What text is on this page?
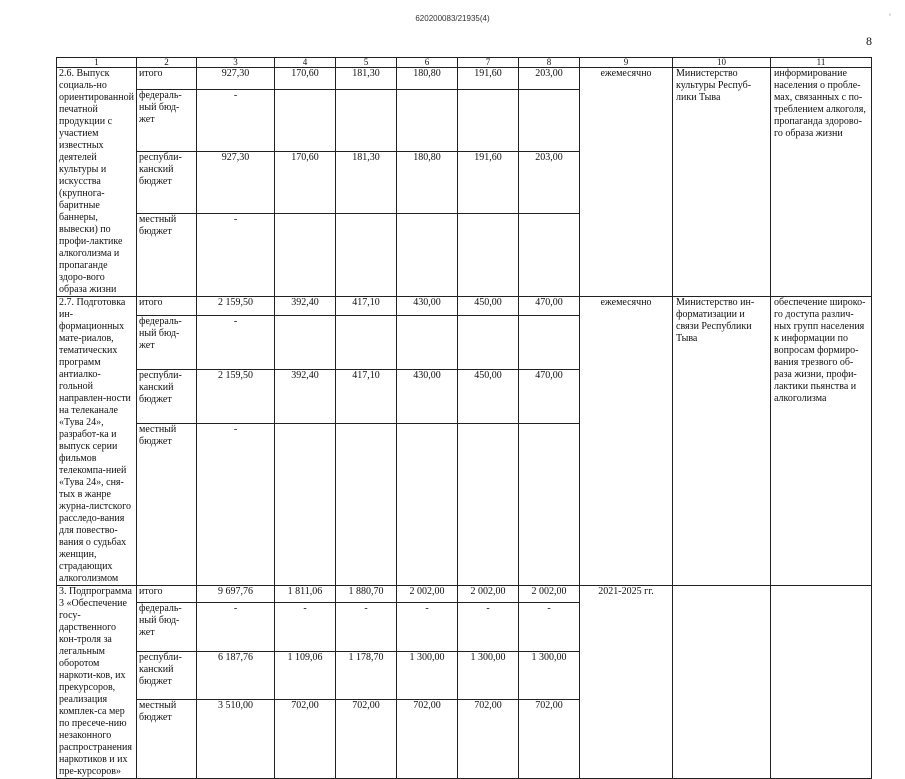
620200083/21935(4)	°
8
1	2	3	4	5	6	7	8	9	10	11
2.6. Выпуск социаль-но ориентированной печатной продукции с участием известных деятелей культуры и искусства (крупнога-баритные баннеры, вывески) по профи-лактике алкоголизма и пропаганде здоро-вого образа жизни	итого	927,30	170,60	181,30	180,80	191,60	203,00	ежемесячно	Министерство культуры Респуб-лики Тыва	информирование населения о пробле-мах, связанных с по-треблением алкоголя, пропаганда здорово-го образа жизни
	федераль-ный бюд-жет	-								
	республи-канский бюджет	927,30	170,60	181,30	180,80	191,60	203,00			
	местный бюджет	-								
2.7. Подготовка ин-формационных мате-риалов, тематических программ антиалко-гольной направлен-ности на телеканале «Тува 24», разработ-ка и выпуск серии фильмов телекомпа-нией «Тува 24», сня-тых в жанре журна-листского расследо-вания для повество-вания о судьбах женщин, страдающих алкоголизмом	итого	2 159,50	392,40	417,10	430,00	450,00	470,00	ежемесячно	Министерство ин-форматизации и связи Республики Тыва	обеспечение широко-го доступа различ-ных групп населения к информации по вопросам формиро-вания трезвого об-раза жизни, профи-лактики пьянства и алкоголизма
	федераль-ный бюд-жет	-								
	республи-канский бюджет	2 159,50	392,40	417,10	430,00	450,00	470,00			
	местный бюджет	-								
3. Подпрограмма 3 «Обеспечение госу-дарственного кон-троля за легальным оборотом наркоти-ков, их прекурсоров, реализация комплек-са мер по пресече-нию незаконного распространения наркотиков и их пре-курсоров»	итого	9 697,76	1 811,06	1 880,70	2 002,00	2 002,00	2 002,00	2021-2025 гг.		
	федераль-ный бюд-жет	-	-	-	-	-	-			
	республи-канский бюджет	6 187,76	1 109,06	1 178,70	1 300,00	1 300,00	1 300,00			
	местный бюджет	3 510,00	702,00	702,00	702,00	702,00	702,00			
